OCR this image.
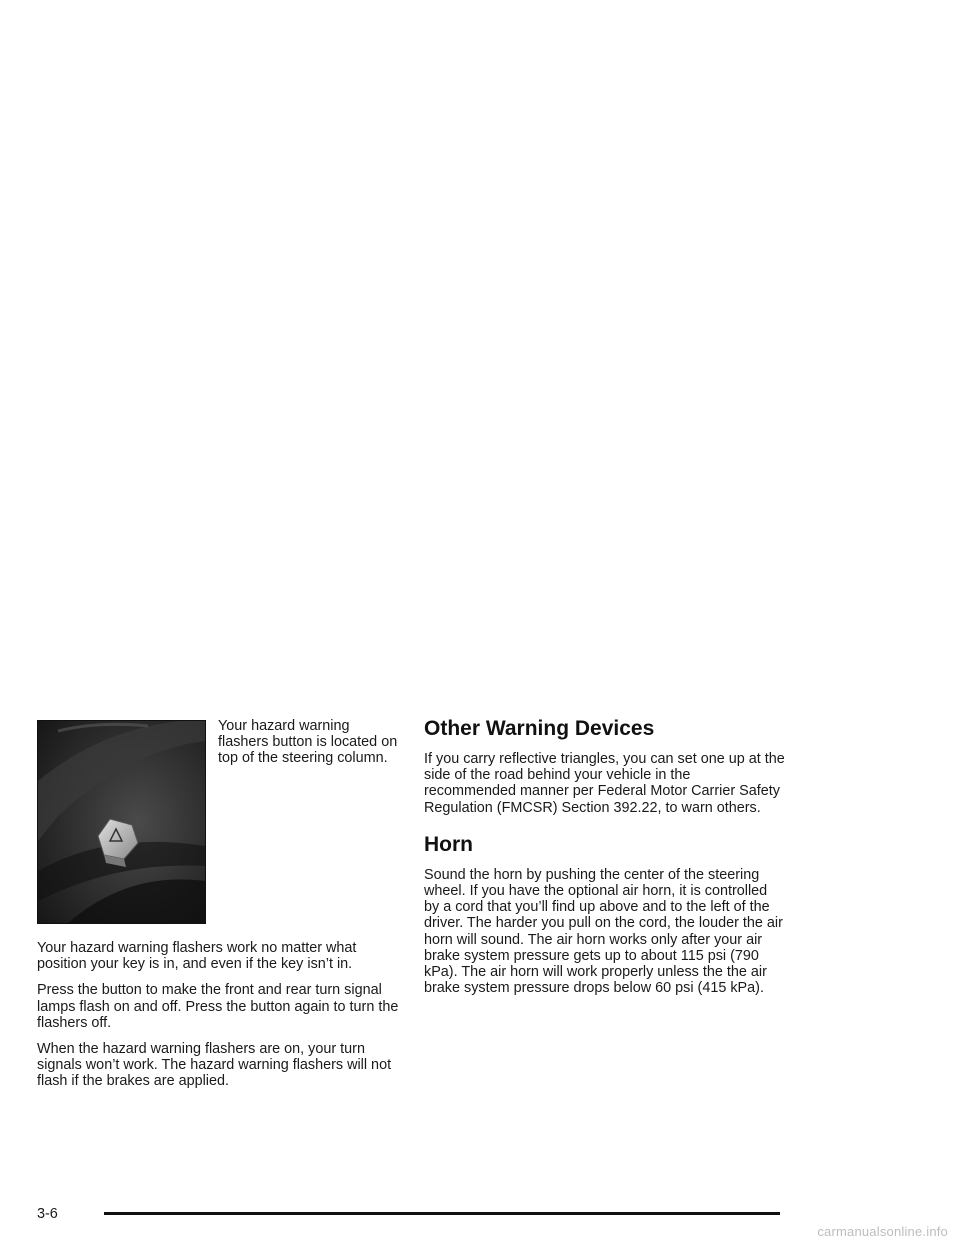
Your hazard warning flashers button is located on top of the steering column.

Your hazard warning flashers work no matter what position your key is in, and even if the key isn’t in.

Press the button to make the front and rear turn signal lamps flash on and off. Press the button again to turn the flashers off.

When the hazard warning flashers are on, your turn signals won’t work. The hazard warning flashers will not flash if the brakes are applied.

Other Warning Devices

If you carry reflective triangles, you can set one up at the side of the road behind your vehicle in the recommended manner per Federal Motor Carrier Safety Regulation (FMCSR) Section 392.22, to warn others.

Horn

Sound the horn by pushing the center of the steering wheel. If you have the optional air horn, it is controlled by a cord that you’ll find up above and to the left of the driver. The harder you pull on the cord, the louder the air horn will sound. The air horn works only after your air brake system pressure gets up to about 115 psi (790 kPa). The air horn will work properly unless the the air brake system pressure drops below 60 psi (415 kPa).

3-6
carmanualsonline.info
